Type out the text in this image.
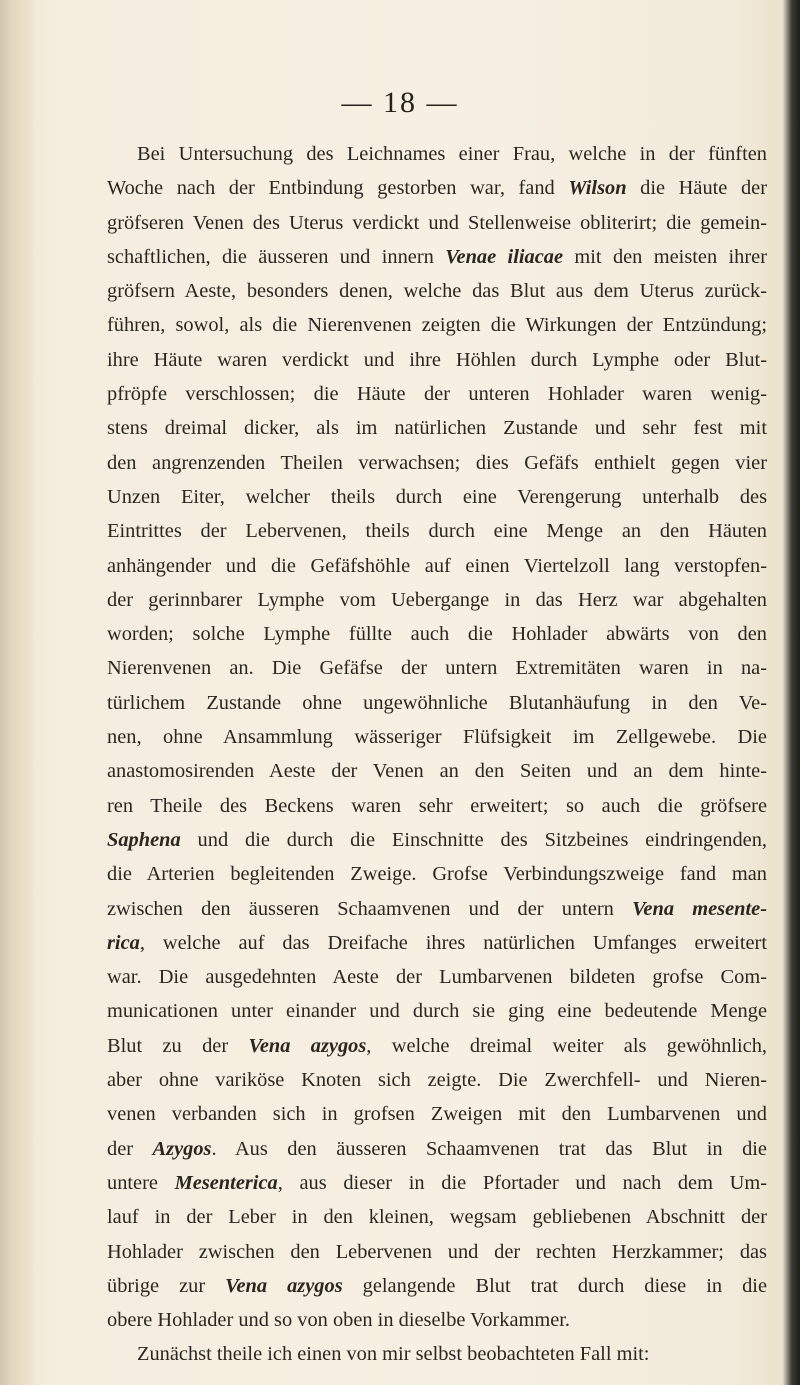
— 18 —
Bei Untersuchung des Leichnames einer Frau, welche in der fünften
Woche nach der Entbindung gestorben war, fand Wilson die Häute der
gröfseren Venen des Uterus verdickt und Stellenweise obliterirt; die gemein-
schaftlichen, die äusseren und innern Venae iliacae mit den meisten ihrer
gröfsern Aeste, besonders denen, welche das Blut aus dem Uterus zurück-
führen, sowol, als die Nierenvenen zeigten die Wirkungen der Entzündung;
ihre Häute waren verdickt und ihre Höhlen durch Lymphe oder Blut-
pfröpfe verschlossen; die Häute der unteren Hohlader waren wenig-
stens dreimal dicker, als im natürlichen Zustande und sehr fest mit
den angrenzenden Theilen verwachsen; dies Gefäfs enthielt gegen vier
Unzen Eiter, welcher theils durch eine Verengerung unterhalb des
Eintrittes der Lebervenen, theils durch eine Menge an den Häuten
anhängender und die Gefäfshöhle auf einen Viertelzoll lang verstopfen-
der gerinnbarer Lymphe vom Uebergange in das Herz war abgehalten
worden; solche Lymphe füllte auch die Hohlader abwärts von den
Nierenvenen an. Die Gefäfse der untern Extremitäten waren in na-
türlichem Zustande ohne ungewöhnliche Blutanhäufung in den Ve-
nen, ohne Ansammlung wässeriger Flüfsigkeit im Zellgewebe. Die
anastomosirenden Aeste der Venen an den Seiten und an dem hinte-
ren Theile des Beckens waren sehr erweitert; so auch die gröfsere
Saphena und die durch die Einschnitte des Sitzbeines eindringenden,
die Arterien begleitenden Zweige. Grofse Verbindungszweige fand man
zwischen den äusseren Schaamvenen und der untern Vena mesente-
rica, welche auf das Dreifache ihres natürlichen Umfanges erweitert
war. Die ausgedehnten Aeste der Lumbarvenen bildeten grofse Com-
municationen unter einander und durch sie ging eine bedeutende Menge
Blut zu der Vena azygos, welche dreimal weiter als gewöhnlich,
aber ohne variköse Knoten sich zeigte. Die Zwerchfell- und Nieren-
venen verbanden sich in grofsen Zweigen mit den Lumbarvenen und
der Azygos. Aus den äusseren Schaamvenen trat das Blut in die
untere Mesenterica, aus dieser in die Pfortader und nach dem Um-
lauf in der Leber in den kleinen, wegsam gebliebenen Abschnitt der
Hohlader zwischen den Lebervenen und der rechten Herzkammer; das
übrige zur Vena azygos gelangende Blut trat durch diese in die
obere Hohlader und so von oben in dieselbe Vorkammer.
Zunächst theile ich einen von mir selbst beobachteten Fall mit:
